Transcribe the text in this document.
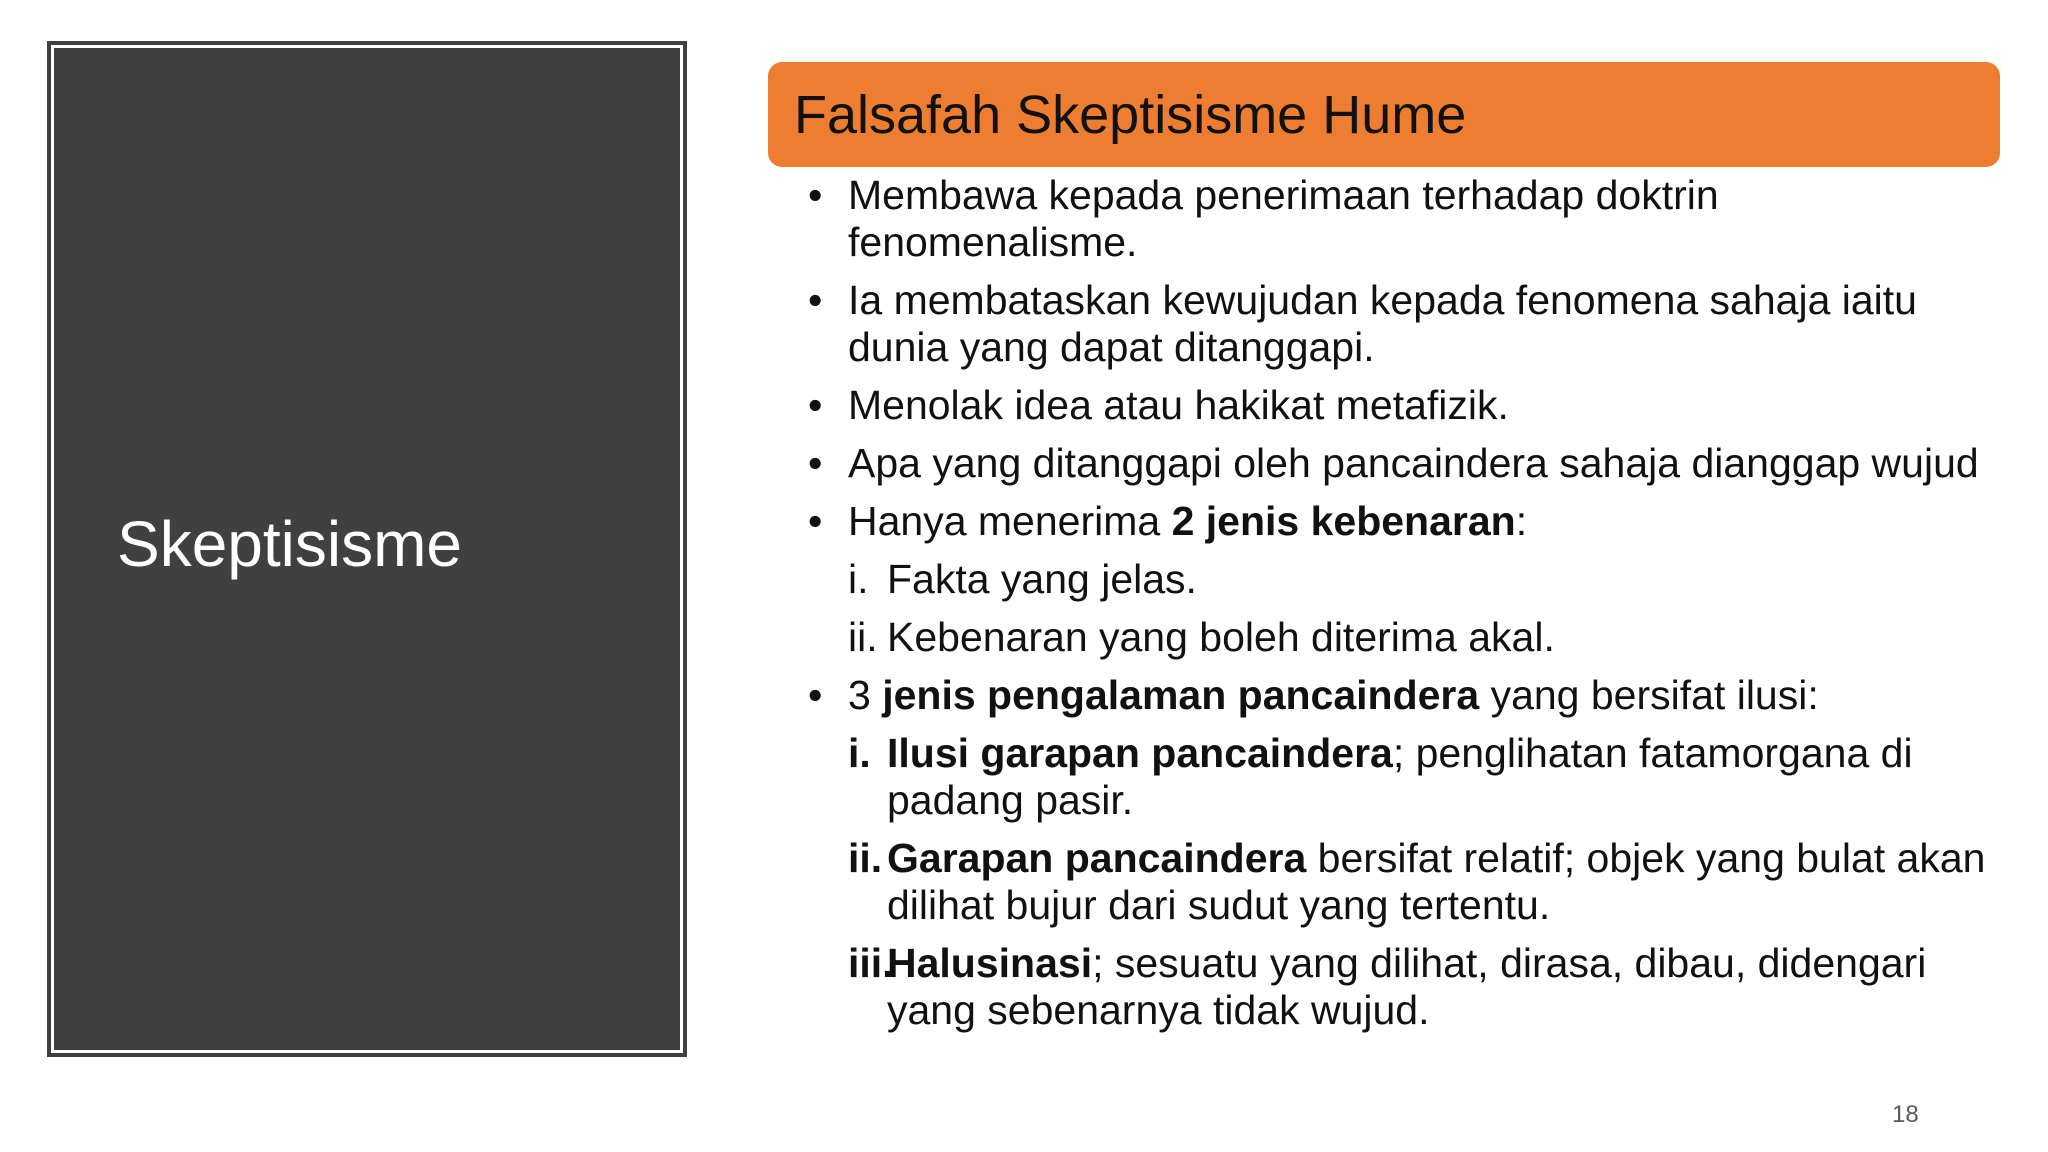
Skeptisisme
Falsafah Skeptisisme Hume
• Membawa kepada penerimaan terhadap doktrin fenomenalisme.
• Ia membataskan kewujudan kepada fenomena sahaja iaitu dunia yang dapat ditanggapi.
• Menolak idea atau hakikat metafizik.
• Apa yang ditanggapi oleh pancaindera sahaja dianggap wujud
• Hanya menerima 2 jenis kebenaran:
i. Fakta yang jelas.
ii. Kebenaran yang boleh diterima akal.
• 3 jenis pengalaman pancaindera yang bersifat ilusi:
i. Ilusi garapan pancaindera; penglihatan fatamorgana di padang pasir.
ii. Garapan pancaindera bersifat relatif; objek yang bulat akan dilihat bujur dari sudut yang tertentu.
iii.
Halusinasi; sesuatu yang dilihat, dirasa, dibau, didengari yang sebenarnya tidak wujud.
18
